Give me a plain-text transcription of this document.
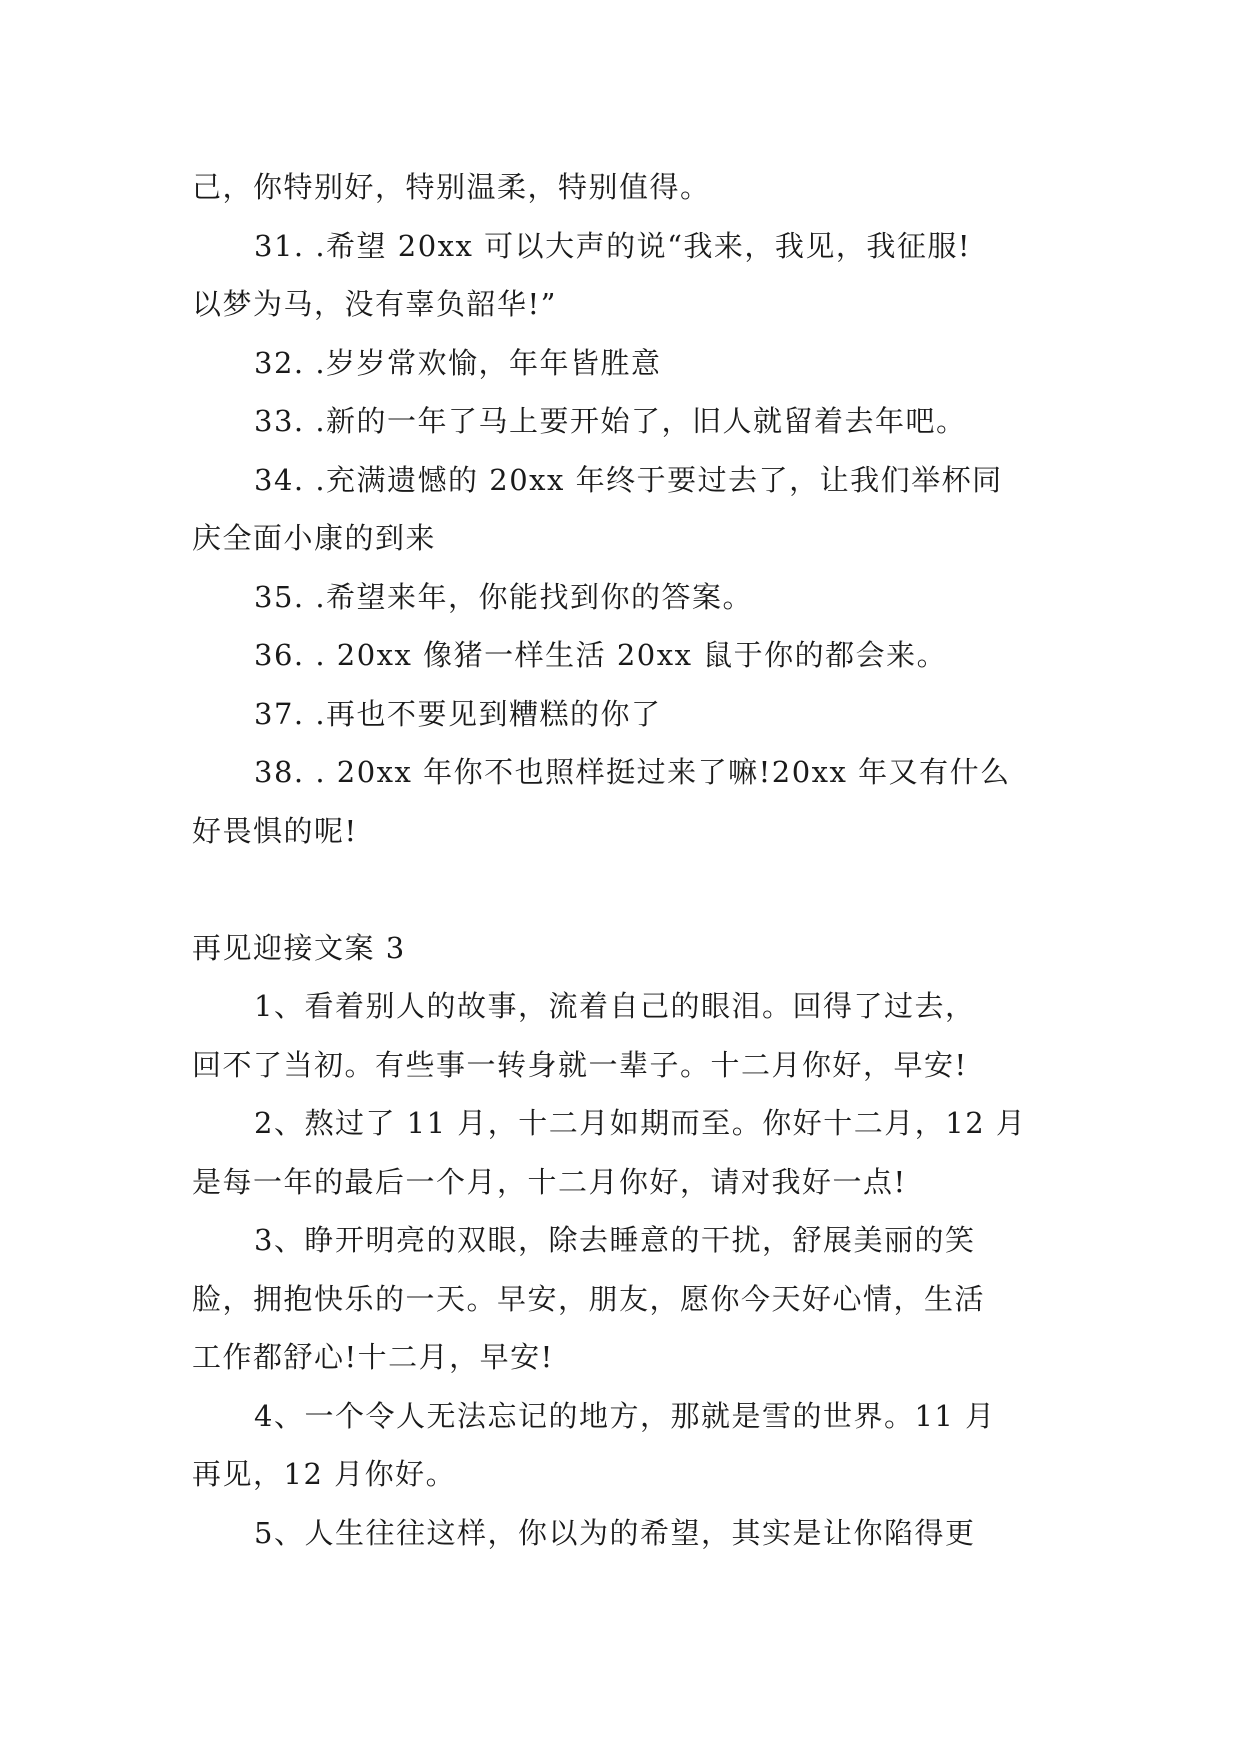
己，你特别好，特别温柔，特别值得。
31. .希望 20xx 可以大声的说“我来，我见，我征服!
以梦为马，没有辜负韶华!”
32. .岁岁常欢愉，年年皆胜意
33. .新的一年了马上要开始了，旧人就留着去年吧。
34. .充满遗憾的 20xx 年终于要过去了，让我们举杯同
庆全面小康的到来
35. .希望来年，你能找到你的答案。
36. . 20xx 像猪一样生活 20xx 鼠于你的都会来。
37. .再也不要见到糟糕的你了
38. . 20xx 年你不也照样挺过来了嘛!20xx 年又有什么
好畏惧的呢!
再见迎接文案 3
1、看着别人的故事，流着自己的眼泪。回得了过去，
回不了当初。有些事一转身就一辈子。十二月你好，早安!
2、熬过了 11 月，十二月如期而至。你好十二月，12 月
是每一年的最后一个月，十二月你好，请对我好一点!
3、睁开明亮的双眼，除去睡意的干扰，舒展美丽的笑
脸，拥抱快乐的一天。早安，朋友，愿你今天好心情，生活
工作都舒心!十二月，早安!
4、一个令人无法忘记的地方，那就是雪的世界。11 月
再见，12 月你好。
5、人生往往这样，你以为的希望，其实是让你陷得更
